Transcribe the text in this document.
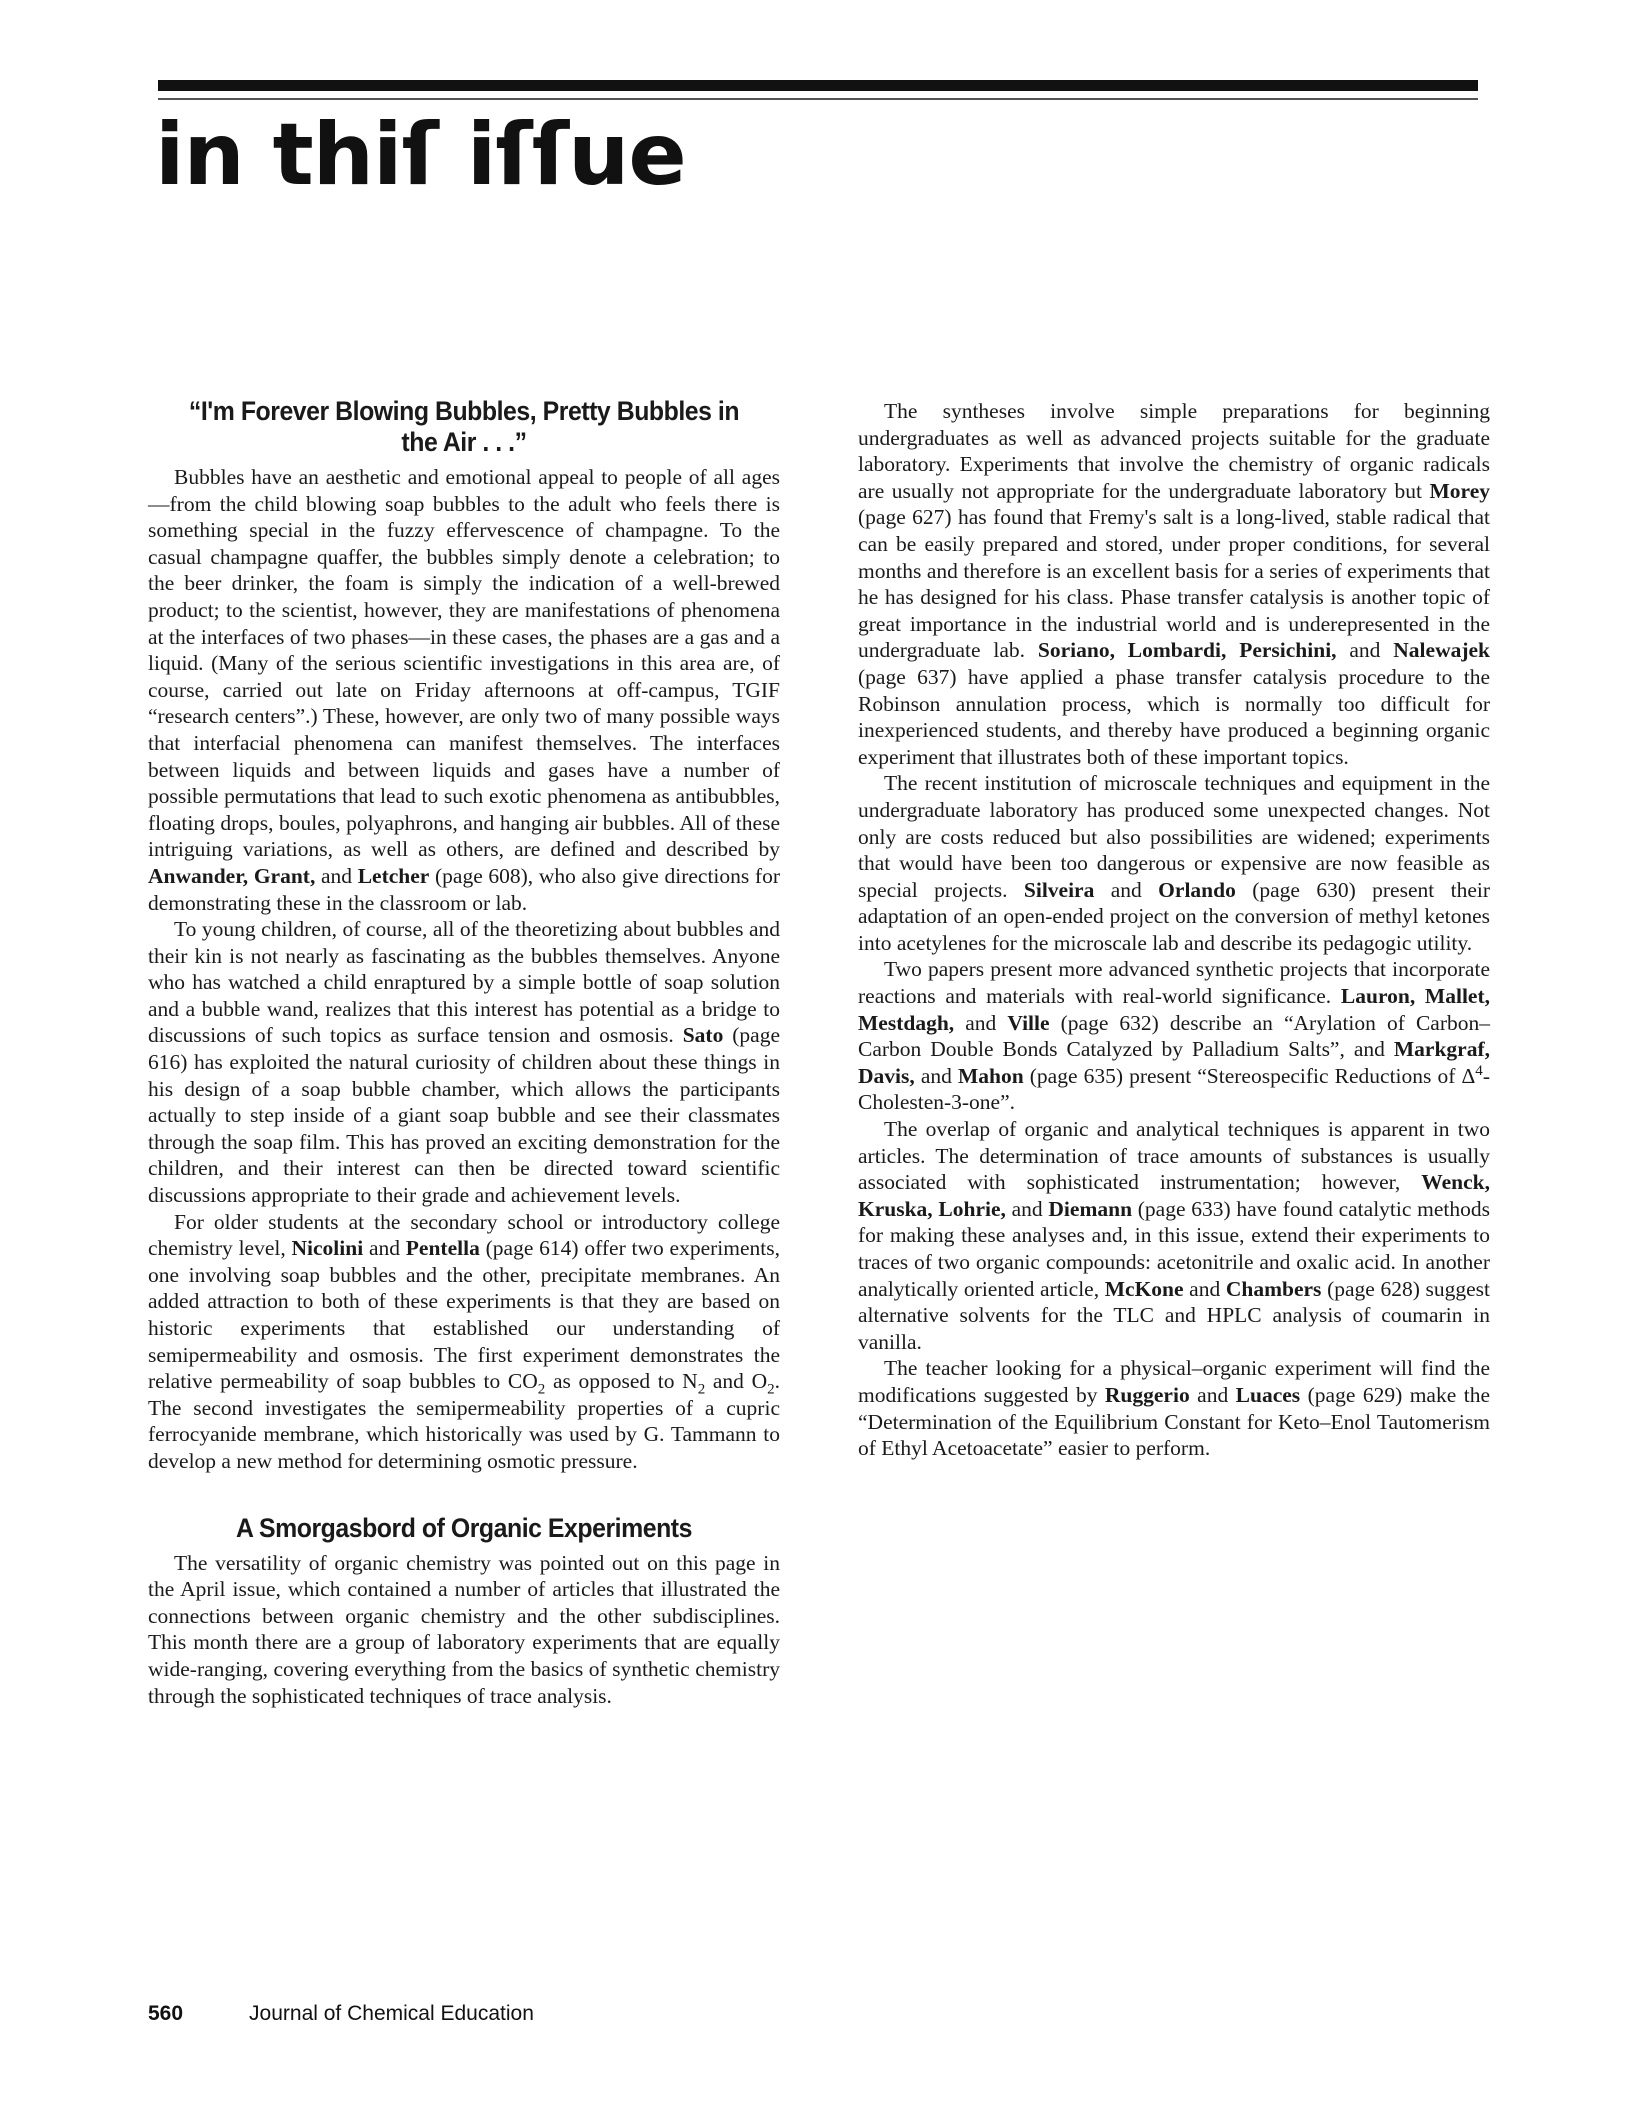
in thiſ iſſue
“I'm Forever Blowing Bubbles, Pretty Bubbles in the Air . . .”

Bubbles have an aesthetic and emotional appeal to people of all ages—from the child blowing soap bubbles to the adult who feels there is something special in the fuzzy effervescence of champagne. To the casual champagne quaffer, the bubbles simply denote a celebration; to the beer drinker, the foam is simply the indication of a well-brewed product; to the scientist, however, they are manifestations of phenomena at the interfaces of two phases—in these cases, the phases are a gas and a liquid. (Many of the serious scientific investigations in this area are, of course, carried out late on Friday afternoons at off-campus, TGIF “research centers”.) These, however, are only two of many possible ways that interfacial phenomena can manifest themselves. The interfaces between liquids and between liquids and gases have a number of possible permutations that lead to such exotic phenomena as antibubbles, floating drops, boules, polyaphrons, and hanging air bubbles. All of these intriguing variations, as well as others, are defined and described by Anwander, Grant, and Letcher (page 608), who also give directions for demonstrating these in the classroom or lab.

To young children, of course, all of the theoretizing about bubbles and their kin is not nearly as fascinating as the bubbles themselves. Anyone who has watched a child enraptured by a simple bottle of soap solution and a bubble wand, realizes that this interest has potential as a bridge to discussions of such topics as surface tension and osmosis. Sato (page 616) has exploited the natural curiosity of children about these things in his design of a soap bubble chamber, which allows the participants actually to step inside of a giant soap bubble and see their classmates through the soap film. This has proved an exciting demonstration for the children, and their interest can then be directed toward scientific discussions appropriate to their grade and achievement levels.

For older students at the secondary school or introductory college chemistry level, Nicolini and Pentella (page 614) offer two experiments, one involving soap bubbles and the other, precipitate membranes. An added attraction to both of these experiments is that they are based on historic experiments that established our understanding of semipermeability and osmosis. The first experiment demonstrates the relative permeability of soap bubbles to $CO_2$ as opposed to $N_2$ and $O_2$. The second investigates the semipermeability properties of a cupric ferrocyanide membrane, which historically was used by G. Tammann to develop a new method for determining osmotic pressure.

A Smorgasbord of Organic Experiments

The versatility of organic chemistry was pointed out on this page in the April issue, which contained a number of articles that illustrated the connections between organic chemistry and the other subdisciplines. This month there are a group of laboratory experiments that are equally wide-ranging, covering everything from the basics of synthetic chemistry through the sophisticated techniques of trace analysis.

The syntheses involve simple preparations for beginning undergraduates as well as advanced projects suitable for the graduate laboratory. Experiments that involve the chemistry of organic radicals are usually not appropriate for the undergraduate laboratory but Morey (page 627) has found that Fremy's salt is a long-lived, stable radical that can be easily prepared and stored, under proper conditions, for several months and therefore is an excellent basis for a series of experiments that he has designed for his class. Phase transfer catalysis is another topic of great importance in the industrial world and is underepresented in the undergraduate lab. Soriano, Lombardi, Persichini, and Nalewajek (page 637) have applied a phase transfer catalysis procedure to the Robinson annulation process, which is normally too difficult for inexperienced students, and thereby have produced a beginning organic experiment that illustrates both of these important topics.

The recent institution of microscale techniques and equipment in the undergraduate laboratory has produced some unexpected changes. Not only are costs reduced but also possibilities are widened; experiments that would have been too dangerous or expensive are now feasible as special projects. Silveira and Orlando (page 630) present their adaptation of an open-ended project on the conversion of methyl ketones into acetylenes for the microscale lab and describe its pedagogic utility.

Two papers present more advanced synthetic projects that incorporate reactions and materials with real-world significance. Lauron, Mallet, Mestdagh, and Ville (page 632) describe an “Arylation of Carbon–Carbon Double Bonds Catalyzed by Palladium Salts”, and Markgraf, Davis, and Mahon (page 635) present “Stereospecific Reductions of $\Delta^4-Cholesten-3$-one”.

The overlap of organic and analytical techniques is apparent in two articles. The determination of trace amounts of substances is usually associated with sophisticated instrumentation; however, Wenck, Kruska, Lohrie, and Diemann (page 633) have found catalytic methods for making these analyses and, in this issue, extend their experiments to traces of two organic compounds: acetonitrile and oxalic acid. In another analytically oriented article, McKone and Chambers (page 628) suggest alternative solvents for the TLC and HPLC analysis of coumarin in vanilla.

The teacher looking for a physical–organic experiment will find the modifications suggested by Ruggerio and Luaces (page 629) make the “Determination of the Equilibrium Constant for Keto–Enol Tautomerism of Ethyl Acetoacetate” easier to perform.

560	Journal of Chemical Education
